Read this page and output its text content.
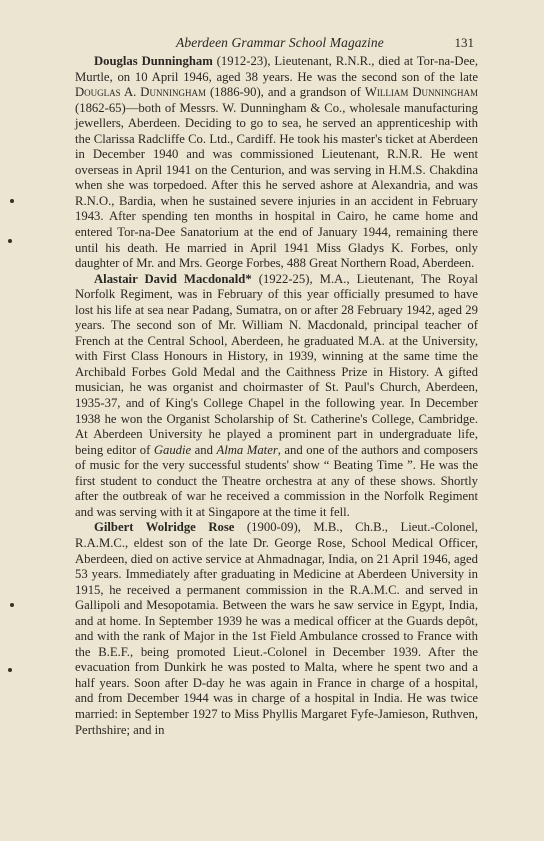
Aberdeen Grammar School Magazine	131

Douglas Dunningham (1912-23), Lieutenant, R.N.R., died at Tor-na-Dee, Murtle, on 10 April 1946, aged 38 years. He was the second son of the late Douglas A. Dunningham (1886-90), and a grandson of William Dunningham (1862-65)—both of Messrs. W. Dunningham & Co., wholesale manufacturing jewellers, Aberdeen. Deciding to go to sea, he served an apprenticeship with the Clarissa Radcliffe Co. Ltd., Cardiff. He took his master's ticket at Aberdeen in December 1940 and was commissioned Lieutenant, R.N.R. He went overseas in April 1941 on the Centurion, and was serving in H.M.S. Chakdina when she was torpedoed. After this he served ashore at Alexandria, and was R.N.O., Bardia, when he sustained severe injuries in an accident in February 1943. After spending ten months in hospital in Cairo, he came home and entered Tor-na-Dee Sanatorium at the end of January 1944, remaining there until his death. He married in April 1941 Miss Gladys K. Forbes, only daughter of Mr. and Mrs. George Forbes, 488 Great Northern Road, Aberdeen.

Alastair David Macdonald* (1922-25), M.A., Lieutenant, The Royal Norfolk Regiment, was in February of this year officially presumed to have lost his life at sea near Padang, Sumatra, on or after 28 February 1942, aged 29 years. The second son of Mr. William N. Macdonald, principal teacher of French at the Central School, Aberdeen, he graduated M.A. at the University, with First Class Honours in History, in 1939, winning at the same time the Archibald Forbes Gold Medal and the Caithness Prize in History. A gifted musician, he was organist and choirmaster of St. Paul's Church, Aberdeen, 1935-37, and of King's College Chapel in the following year. In December 1938 he won the Organist Scholarship of St. Catherine's College, Cambridge. At Aberdeen University he played a prominent part in undergraduate life, being editor of Gaudie and Alma Mater, and one of the authors and composers of music for the very successful students' show “ Beating Time ”. He was the first student to conduct the Theatre orchestra at any of these shows. Shortly after the outbreak of war he received a commission in the Norfolk Regiment and was serving with it at Singapore at the time it fell.

Gilbert Wolridge Rose (1900-09), M.B., Ch.B., Lieut.-Colonel, R.A.M.C., eldest son of the late Dr. George Rose, School Medical Officer, Aberdeen, died on active service at Ahmadnagar, India, on 21 April 1946, aged 53 years. Immediately after graduating in Medicine at Aberdeen University in 1915, he received a permanent commission in the R.A.M.C. and served in Gallipoli and Mesopotamia. Between the wars he saw service in Egypt, India, and at home. In September 1939 he was a medical officer at the Guards depôt, and with the rank of Major in the 1st Field Ambulance crossed to France with the B.E.F., being promoted Lieut.-Colonel in December 1939. After the evacuation from Dunkirk he was posted to Malta, where he spent two and a half years. Soon after D-day he was again in France in charge of a hospital, and from December 1944 was in charge of a hospital in India. He was twice married: in September 1927 to Miss Phyllis Margaret Fyfe-Jamieson, Ruthven, Perthshire; and in
